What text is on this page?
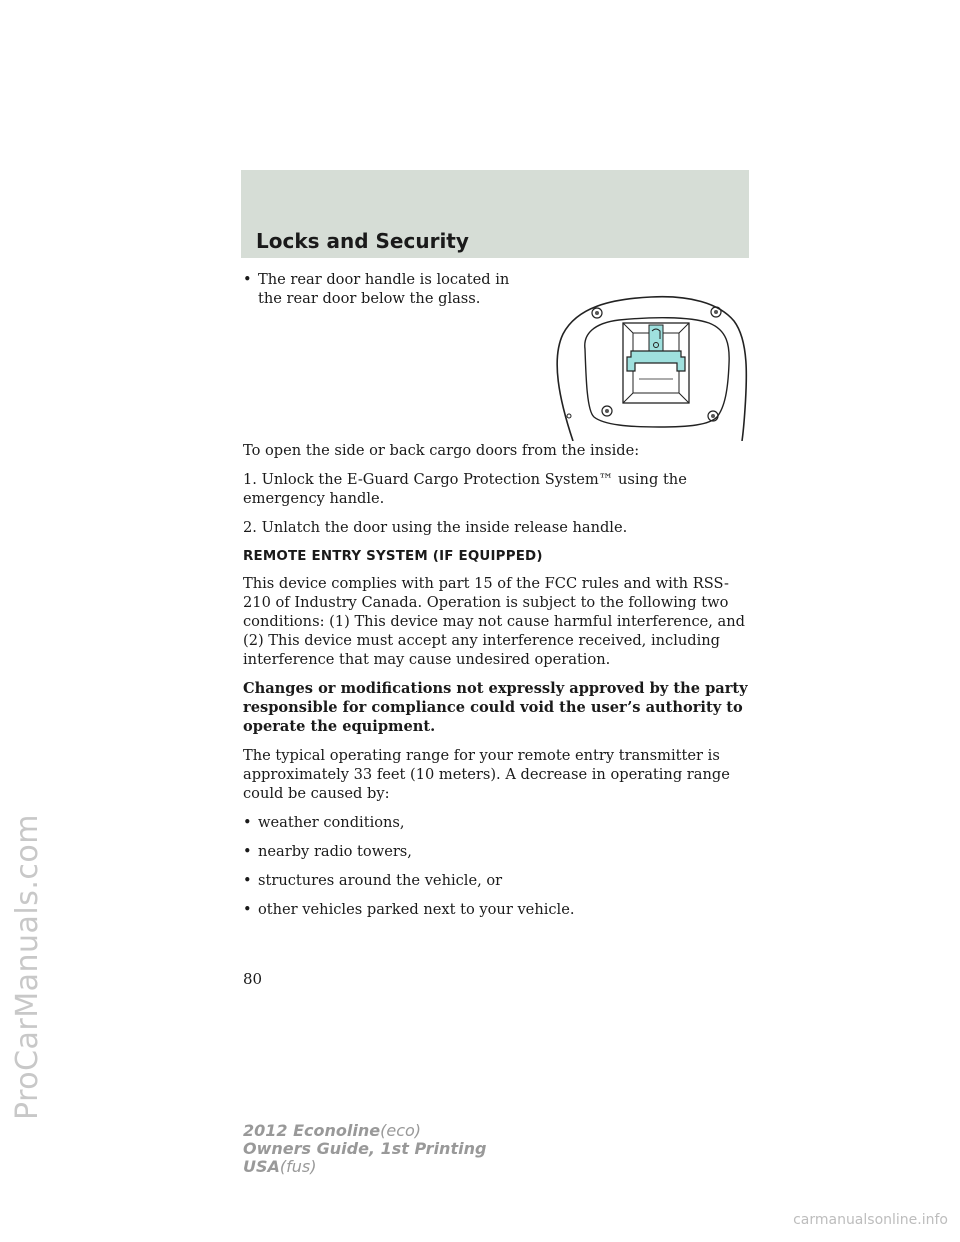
ProCarManuals.com
Locks and Security
• The rear door handle is located in the rear door below the glass.

To open the side or back cargo doors from the inside:

1. Unlock the E-Guard Cargo Protection System™ using the emergency handle.

2. Unlatch the door using the inside release handle.

REMOTE ENTRY SYSTEM (IF EQUIPPED)

This device complies with part 15 of the FCC rules and with RSS-210 of Industry Canada. Operation is subject to the following two conditions: (1) This device may not cause harmful interference, and (2) This device must accept any interference received, including interference that may cause undesired operation.

Changes or modifications not expressly approved by the party responsible for compliance could void the user’s authority to operate the equipment.

The typical operating range for your remote entry transmitter is approximately 33 feet (10 meters). A decrease in operating range could be caused by:

• weather conditions,
• nearby radio towers,
• structures around the vehicle, or
• other vehicles parked next to your vehicle.
80
2012 Econoline(eco)
Owners Guide, 1st Printing
USA(fus)
carmanualsonline.info
